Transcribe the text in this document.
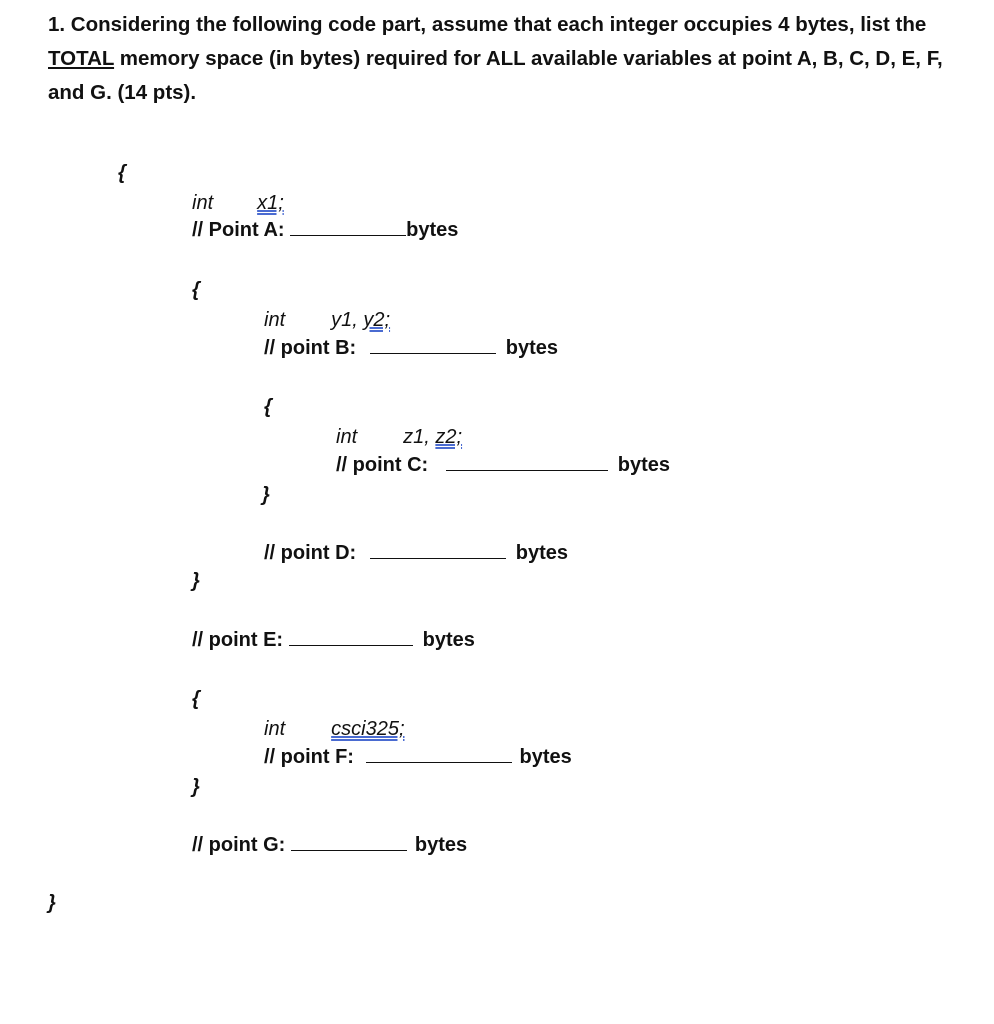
1. Considering the following code part, assume that each integer occupies 4 bytes, list the
TOTAL memory space (in bytes) required for ALL available variables at point A, B, C, D, E, F,
and G. (14 pts).
{
int x1;
// Point A:	bytes
{
int y1, y2;
// point B:	bytes
{
int z1, z2;
// point C:	bytes
}
// point D:	bytes
}
// point E:	bytes
{
int csci325;
// point F:	bytes
}
// point G:	bytes
}
